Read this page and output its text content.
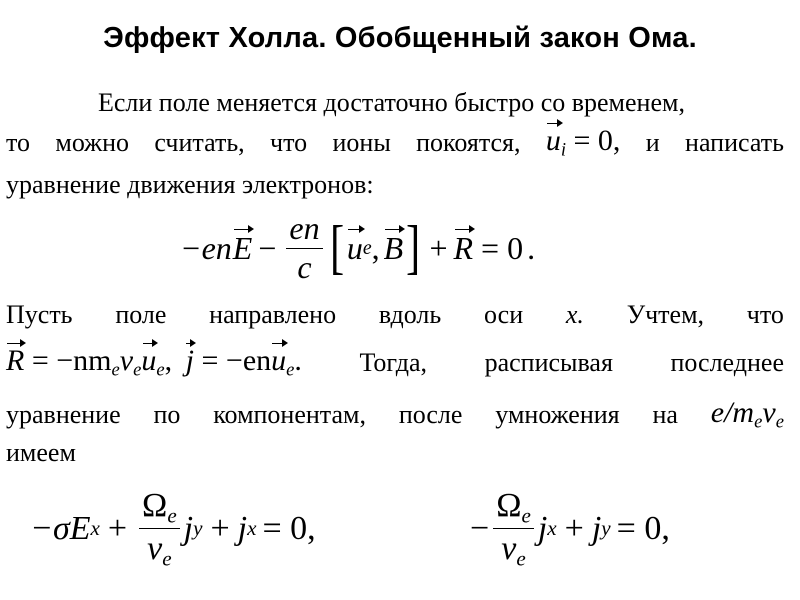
Эффект Холла. Обобщенный закон Ома.
Если поле меняется достаточно быстро со временем,
то можно считать, что ионы покоятся, $u_i = 0$, и написать
уравнение движения электронов:
−en $E - \frac{en}{c}$ [ u e , B ] + R = 0 .
Пусть поле направлено вдоль оси x. Учтем, что
$R = -nm_e\nu_eu_e$, j = −enu$_e$. Тогда, расписывая последнее
уравнение по компонентам, после умножения на $e/m_e\nu_e$
имеем
−σE $x + \frac{\Omega_e}{\nu_e}$ j y + j x = 0,	− $\frac{\Omega_e}{\nu_e}$ j x + j y = 0,
